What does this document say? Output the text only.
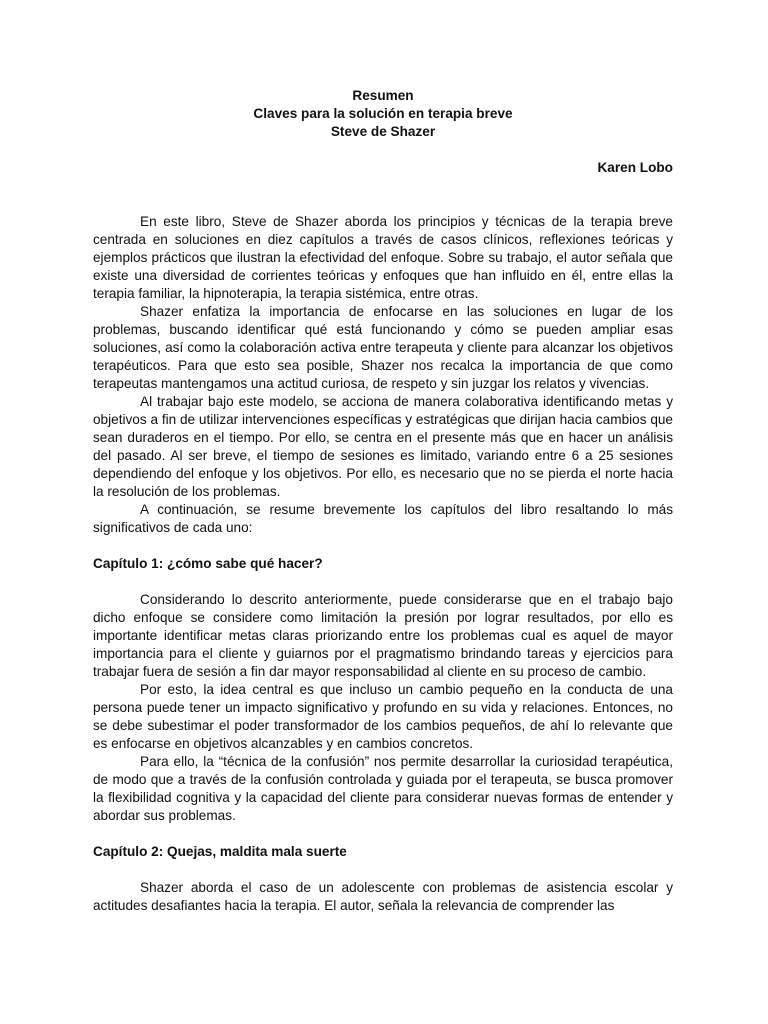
Resumen
Claves para la solución en terapia breve
Steve de Shazer
Karen Lobo

En este libro, Steve de Shazer aborda los principios y técnicas de la terapia breve centrada en soluciones en diez capítulos a través de casos clínicos, reflexiones teóricas y ejemplos prácticos que ilustran la efectividad del enfoque. Sobre su trabajo, el autor señala que existe una diversidad de corrientes teóricas y enfoques que han influido en él, entre ellas la terapia familiar, la hipnoterapia, la terapia sistémica, entre otras.

Shazer enfatiza la importancia de enfocarse en las soluciones en lugar de los problemas, buscando identificar qué está funcionando y cómo se pueden ampliar esas soluciones, así como la colaboración activa entre terapeuta y cliente para alcanzar los objetivos terapéuticos. Para que esto sea posible, Shazer nos recalca la importancia de que como terapeutas mantengamos una actitud curiosa, de respeto y sin juzgar los relatos y vivencias.

Al trabajar bajo este modelo, se acciona de manera colaborativa identificando metas y objetivos a fin de utilizar intervenciones específicas y estratégicas que dirijan hacia cambios que sean duraderos en el tiempo. Por ello, se centra en el presente más que en hacer un análisis del pasado. Al ser breve, el tiempo de sesiones es limitado, variando entre 6 a 25 sesiones dependiendo del enfoque y los objetivos. Por ello, es necesario que no se pierda el norte hacia la resolución de los problemas.

A continuación, se resume brevemente los capítulos del libro resaltando lo más significativos de cada uno:

Capítulo 1: ¿cómo sabe qué hacer?

Considerando lo descrito anteriormente, puede considerarse que en el trabajo bajo dicho enfoque se considere como limitación la presión por lograr resultados, por ello es importante identificar metas claras priorizando entre los problemas cual es aquel de mayor importancia para el cliente y guiarnos por el pragmatismo brindando tareas y ejercicios para trabajar fuera de sesión a fin dar mayor responsabilidad al cliente en su proceso de cambio.

Por esto, la idea central es que incluso un cambio pequeño en la conducta de una persona puede tener un impacto significativo y profundo en su vida y relaciones. Entonces, no se debe subestimar el poder transformador de los cambios pequeños, de ahí lo relevante que es enfocarse en objetivos alcanzables y en cambios concretos.

Para ello, la “técnica de la confusión” nos permite desarrollar la curiosidad terapéutica, de modo que a través de la confusión controlada y guiada por el terapeuta, se busca promover la flexibilidad cognitiva y la capacidad del cliente para considerar nuevas formas de entender y abordar sus problemas.

Capítulo 2: Quejas, maldita mala suerte

Shazer aborda el caso de un adolescente con problemas de asistencia escolar y actitudes desafiantes hacia la terapia. El autor, señala la relevancia de comprender las
